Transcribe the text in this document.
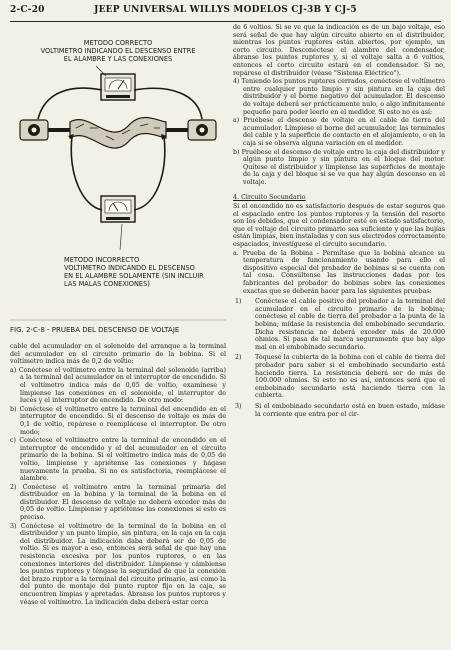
2-C-20	JEEP UNIVERSAL WILLYS MODELOS CJ-3B Y CJ-5
METODO CORRECTO
VOLTIMETRO INDICANDO EL DESCENSO ENTRE
EL ALAMBRE Y LAS CONEXIONES
METODO INCORRECTO
VOLTIMETRO INDICANDO EL DESCENSO
EN EL ALAMBRE SOLAMENTE (SIN INCLUIR
LAS MALAS CONEXIONES)
FIG. 2-C-8 - PRUEBA DEL DESCENSO DE VOLTAJE
cable del acumulador en el solenoide del arranque a la terminal del acumulador en el circuito primario de la bobina. Si el voltímetro indica más de 0,2 de voltio:
a) Conéctese el voltímetro entre la terminal del solenoide (arriba) a la terminal del acumulador en el interruptor de encendido. Si el voltímetro indica más de 0,05 de voltio, examínese y límpiense las conexiones en el solenoide, el interruptor de luces y el interruptor de encendido. De otro modo:
b) Conéctese el voltímetro entre la terminal del encendido en el interruptor de encendido. Si el descenso de voltaje es más de 0,1 de voltio, repárese o reemplácese el interruptor. De otro modo;
c) Conéctese el voltímetro entre la terminal de encendido en el interruptor de encendido y el del acumulador en el circuito primario de la bobina. Si el voltímetro indica más de 0,05 de voltio, límpiense y apriétense las conexiones y hágase nuevamente la prueba. Si no es satisfactoria, reemplácese el alambre.
2) Conéctese el voltímetro entre la terminal primaria del distribuidor en la bobina y la terminal de la bobina en el distribuidor. El descenso de voltaje no deberá exceder más de 0,05 de voltio. Límpiense y apriétense las conexiones si esto es preciso.
3) Conéctese el voltímetro de la terminal de la bobina en el distribuidor y un punto limpio, sin pintura, en la caja en la caja del distribuidor. La indicación daba deberá ser de 0,05 de voltio. Si es mayor a eso, entonces será señal de que hay una resistencia excesiva por los puntos ruptores, o en las conexiones interiores del distribuidor. Límpiense y cámbiense los puntos ruptores y téngase la seguridad de que la conexión del brazo ruptor a la terminal del circuito primario, así como la del punto de montaje del punto ruptor fijo en la caja, se encuentren limpias y apretadas. Ábranse los puntos ruptores y véase el voltímetro. La indicación daba deberá estar cerca
de 6 voltios. Si se ve que la indicación es de un bajo voltaje, eso será señal de que hay algún circuito abierto en el distribuidor, mientras los puntos ruptores están abiertos, por ejemplo, un corto circuito. Desconéctese el alambre del condensador, ábranse los puntos ruptores y, si el voltaje salta a 6 voltios, entonces el corto circuito estará en el condensador. Si no, repárese el distribuidor (véase "Sistema Eléctrico").
4) Teniendo los puntos ruptores cerrados, conéctese el voltímetro entre cualquier punto limpio y sin pintura en la caja del distribuidor y el borne negativo del acumulador. El descenso de voltaje deberá ser prácticamente nulo, o algo infinitamente pequeño para poder leerlo en el medidor. Si esto no es así:
a) Pruébese el descenso de voltaje en el cable de tierra del acumulador. Límpiese el borne del acumulador, las terminales del cable y la superficie de contacto en el alojamiento, o en la caja si se observa alguna variación en el medidor.
b) Pruébese el descenso de voltaje entre la caja del distribuidor y algún punto limpio y sin pintura en el bloque del motor. Quítese el distribuidor y límpiense las superficies de montaje de la caja y del bloque si se ve que hay algún descenso en el voltaje.
4. Circuito Secundario
Si el encendido no es satisfactorio después de estar seguros que el espaciado entre los puntos ruptores y la tensión del resorte son los debidos, que el condensador esté en estado satisfactorio, que el voltaje del circuito primario sea suficiente y que las bujías están limpias, bien instaladas y con sus electrodos correctamente espaciados, investíguese el circuito secundario.
a. Prueba de la Bobina - Permítase que la bobina alcance su temperatura de funcionamiento usando para ello el dispositivo especial del probador de bobinas si se cuenta con tal cosa. Consúltense las instrucciones dadas por los fabricantes del probador de bobinas sobre las conexiones exactas que se deberán hacer para las siguientes pruebas:
1) Conéctese el cable positivo del probador a la terminal del acumulador en el circuito primario de la bobina; conéctese el cable de tierra del probador a la punta de la bobina; mídase la resistencia del embobinado secundario. Dicha resistencia no deberá exceder más de 20.000 ohmios. Si pasa de tal marca seguramente que hay algo mal en el embobinado secundario.
2) Tóquese la cubierta de la bobina con el cable de tierra del probador para saber si el embobinado secundario está haciendo tierra. La resistencia deberá ser de más de 100.000 ohmios. Si esto no es así, entonces será que el embobinado secundario está haciendo tierra con la cubierta.
3) Si el embobinado secundario está en buen estado, mídase la corriente que entra por el cir-
